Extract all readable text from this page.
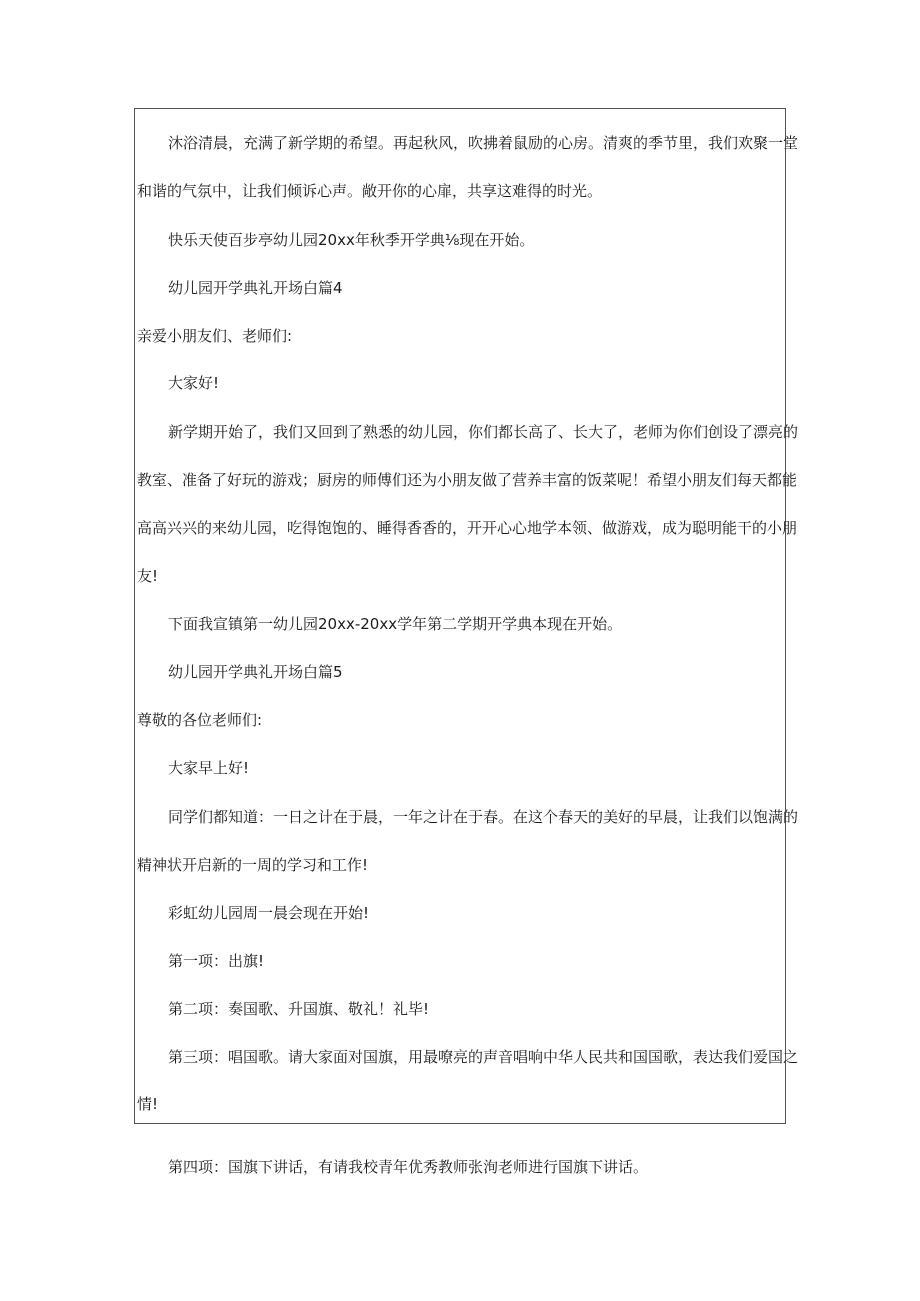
沐浴清晨，充满了新学期的希望。再起秋风，吹拂着鼠励的心房。清爽的季节里，我们欢聚一堂
和谐的气氛中，让我们倾诉心声。敞开你的心扉，共享这难得的时光。
快乐天使百步亭幼儿园20xx年秋季开学典⅛现在开始。
幼儿园开学典礼开场白篇4
亲爱小朋友们、老师们:
大家好!
新学期开始了，我们又回到了熟悉的幼儿园，你们都长高了、长大了，老师为你们创设了漂亮的
教室、准备了好玩的游戏；厨房的师傅们还为小朋友做了营养丰富的饭菜呢！希望小朋友们每天都能
高高兴兴的来幼儿园，吃得饱饱的、睡得香香的，开开心心地学本领、做游戏，成为聪明能干的小朋
友!
下面我宣镇第一幼儿园20xx-20xx学年第二学期开学典本现在开始。
幼儿园开学典礼开场白篇5
尊敬的各位老师们:
大家早上好!
同学们都知道：一日之计在于晨，一年之计在于春。在这个春天的美好的早晨，让我们以饱满的
精神状开启新的一周的学习和工作!
彩虹幼儿园周一晨会现在开始!
第一项：出旗!
第二项：奏国歌、升国旗、敬礼！礼毕!
第三项：唱国歌。请大家面对国旗，用最嘹亮的声音唱响中华人民共和国国歌，表达我们爱国之
情!
第四项：国旗下讲话，有请我校青年优秀教师张洵老师进行国旗下讲话。
